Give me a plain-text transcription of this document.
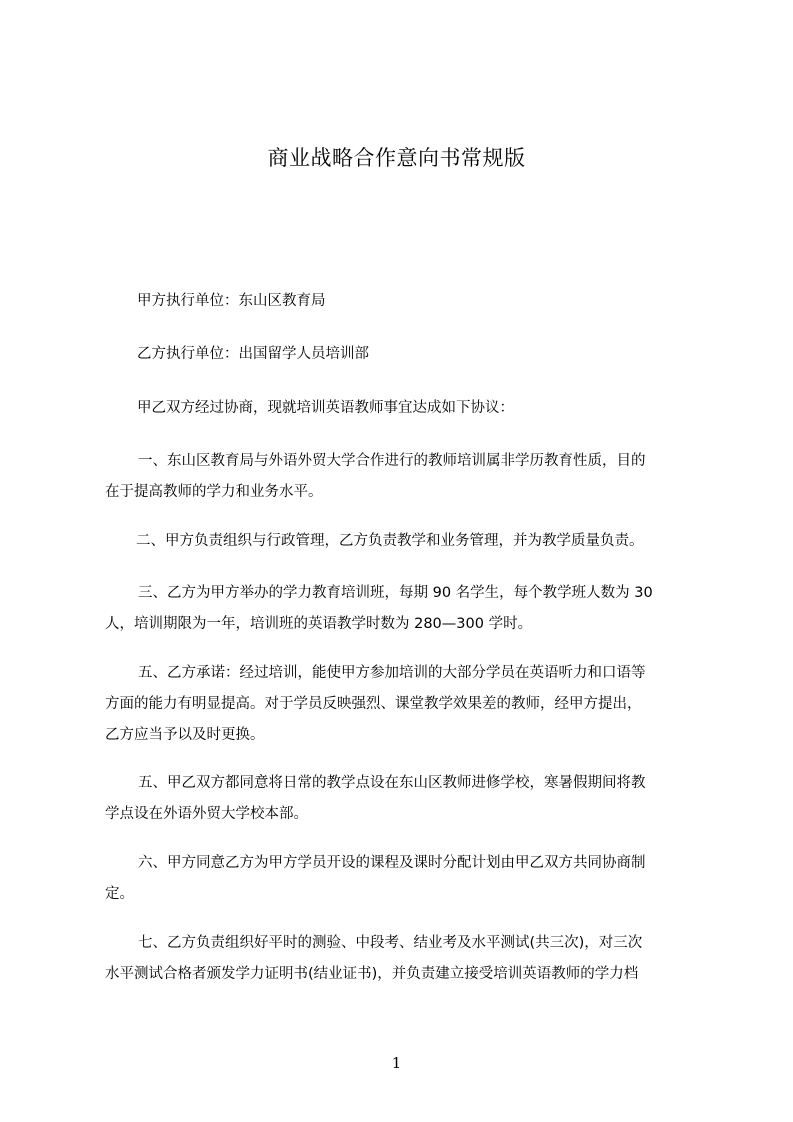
商业战略合作意向书常规版
甲方执行单位：东山区教育局
乙方执行单位：出国留学人员培训部
甲乙双方经过协商，现就培训英语教师事宜达成如下协议：
一、东山区教育局与外语外贸大学合作进行的教师培训属非学历教育性质，目的
在于提高教师的学力和业务水平。
二、甲方负责组织与行政管理，乙方负责教学和业务管理，并为教学质量负责。
三、乙方为甲方举办的学力教育培训班，每期 90 名学生，每个教学班人数为 30
人，培训期限为一年，培训班的英语教学时数为 280—300 学时。
五、乙方承诺：经过培训，能使甲方参加培训的大部分学员在英语听力和口语等
方面的能力有明显提高。对于学员反映强烈、课堂教学效果差的教师，经甲方提出，
乙方应当予以及时更换。
五、甲乙双方都同意将日常的教学点设在东山区教师进修学校，寒暑假期间将教
学点设在外语外贸大学校本部。
六、甲方同意乙方为甲方学员开设的课程及课时分配计划由甲乙双方共同协商制
定。
七、乙方负责组织好平时的测验、中段考、结业考及水平测试(共三次)，对三次
水平测试合格者颁发学力证明书(结业证书)，并负责建立接受培训英语教师的学力档
1
